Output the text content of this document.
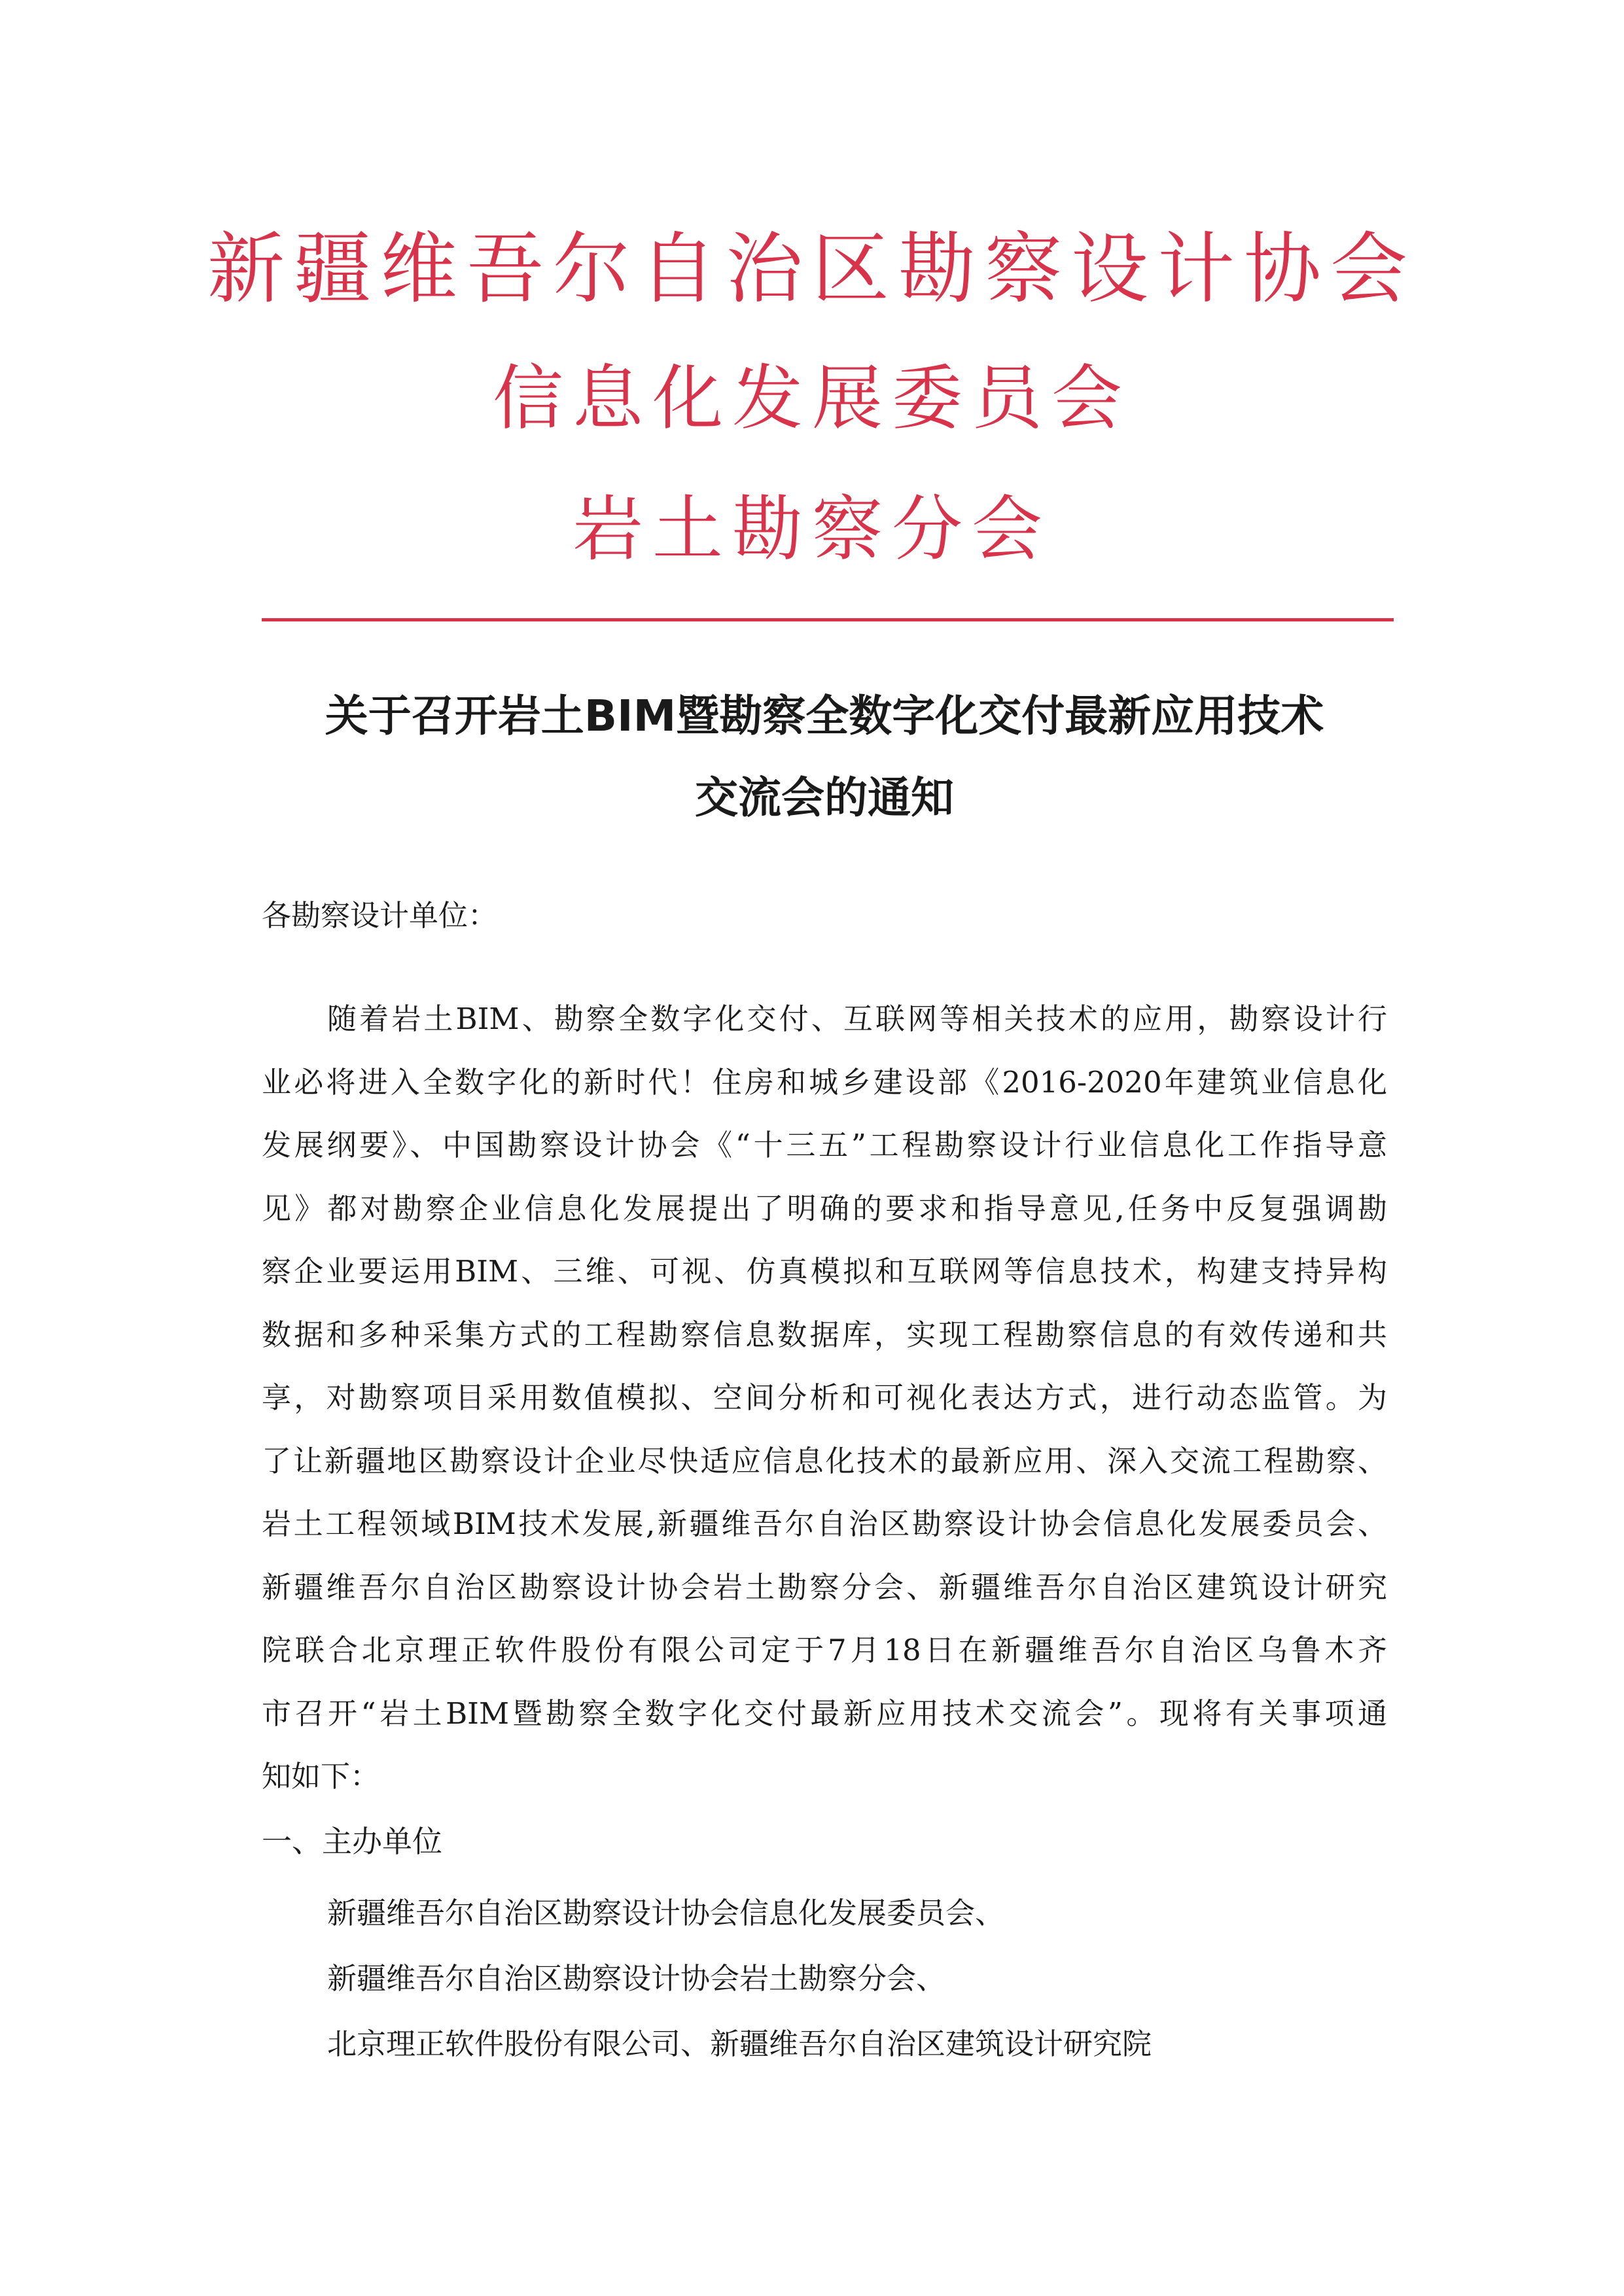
新疆维吾尔自治区勘察设计协会
信息化发展委员会
岩土勘察分会
关于召开岩土BIM暨勘察全数字化交付最新应用技术
交流会的通知
各勘察设计单位：
随着岩土BIM、勘察全数字化交付、互联网等相关技术的应用，勘察设计行
业必将进入全数字化的新时代！住房和城乡建设部《2016-2020年建筑业信息化
发展纲要》、中国勘察设计协会《“十三五”工程勘察设计行业信息化工作指导意
见》都对勘察企业信息化发展提出了明确的要求和指导意见,任务中反复强调勘
察企业要运用BIM、三维、可视、仿真模拟和互联网等信息技术，构建支持异构
数据和多种采集方式的工程勘察信息数据库，实现工程勘察信息的有效传递和共
享，对勘察项目采用数值模拟、空间分析和可视化表达方式，进行动态监管。为
了让新疆地区勘察设计企业尽快适应信息化技术的最新应用、深入交流工程勘察、
岩土工程领域BIM技术发展,新疆维吾尔自治区勘察设计协会信息化发展委员会、
新疆维吾尔自治区勘察设计协会岩土勘察分会、新疆维吾尔自治区建筑设计研究
院联合北京理正软件股份有限公司定于7月18日在新疆维吾尔自治区乌鲁木齐
市召开“岩土BIM暨勘察全数字化交付最新应用技术交流会”。现将有关事项通
知如下：
一、主办单位
新疆维吾尔自治区勘察设计协会信息化发展委员会、
新疆维吾尔自治区勘察设计协会岩土勘察分会、
北京理正软件股份有限公司、新疆维吾尔自治区建筑设计研究院
